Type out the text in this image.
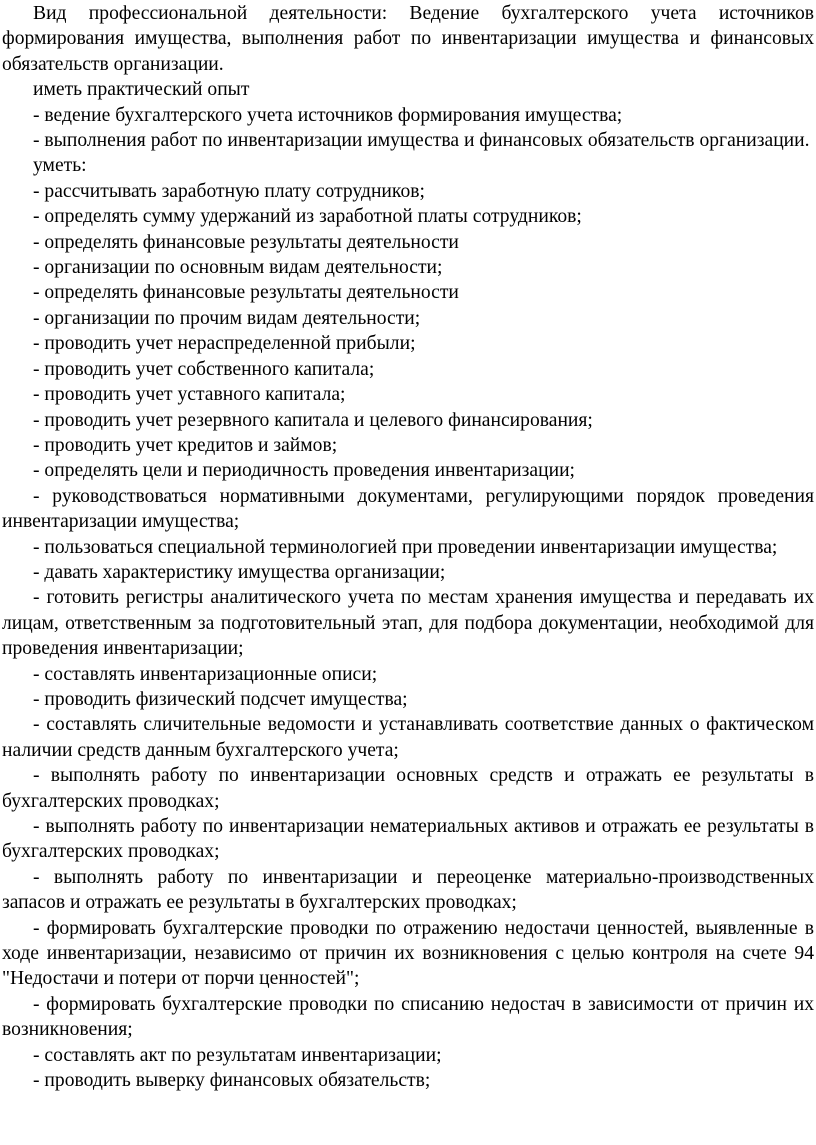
Вид профессиональной деятельности: Ведение бухгалтерского учета источников формирования имущества, выполнения работ по инвентаризации имущества и финансовых обязательств организации.

иметь практический опыт

- ведение бухгалтерского учета источников формирования имущества;

- выполнения работ по инвентаризации имущества и финансовых обязательств организации.

уметь:

- рассчитывать заработную плату сотрудников;

- определять сумму удержаний из заработной платы сотрудников;

- определять финансовые результаты деятельности

- организации по основным видам деятельности;

- определять финансовые результаты деятельности

- организации по прочим видам деятельности;

- проводить учет нераспределенной прибыли;

- проводить учет собственного капитала;

- проводить учет уставного капитала;

- проводить учет резервного капитала и целевого финансирования;

- проводить учет кредитов и займов;

- определять цели и периодичность проведения инвентаризации;

- руководствоваться нормативными документами, регулирующими порядок проведения инвентаризации имущества;

- пользоваться специальной терминологией при проведении инвентаризации имущества;

- давать характеристику имущества организации;

- готовить регистры аналитического учета по местам хранения имущества и передавать их лицам, ответственным за подготовительный этап, для подбора документации, необходимой для проведения инвентаризации;

- составлять инвентаризационные описи;

- проводить физический подсчет имущества;

- составлять сличительные ведомости и устанавливать соответствие данных о фактическом наличии средств данным бухгалтерского учета;

- выполнять работу по инвентаризации основных средств и отражать ее результаты в бухгалтерских проводках;

- выполнять работу по инвентаризации нематериальных активов и отражать ее результаты в бухгалтерских проводках;

- выполнять работу по инвентаризации и переоценке материально-производственных запасов и отражать ее результаты в бухгалтерских проводках;

- формировать бухгалтерские проводки по отражению недостачи ценностей, выявленные в ходе инвентаризации, независимо от причин их возникновения с целью контроля на счете 94 "Недостачи и потери от порчи ценностей";

- формировать бухгалтерские проводки по списанию недостач в зависимости от причин их возникновения;

- составлять акт по результатам инвентаризации;

- проводить выверку финансовых обязательств;
